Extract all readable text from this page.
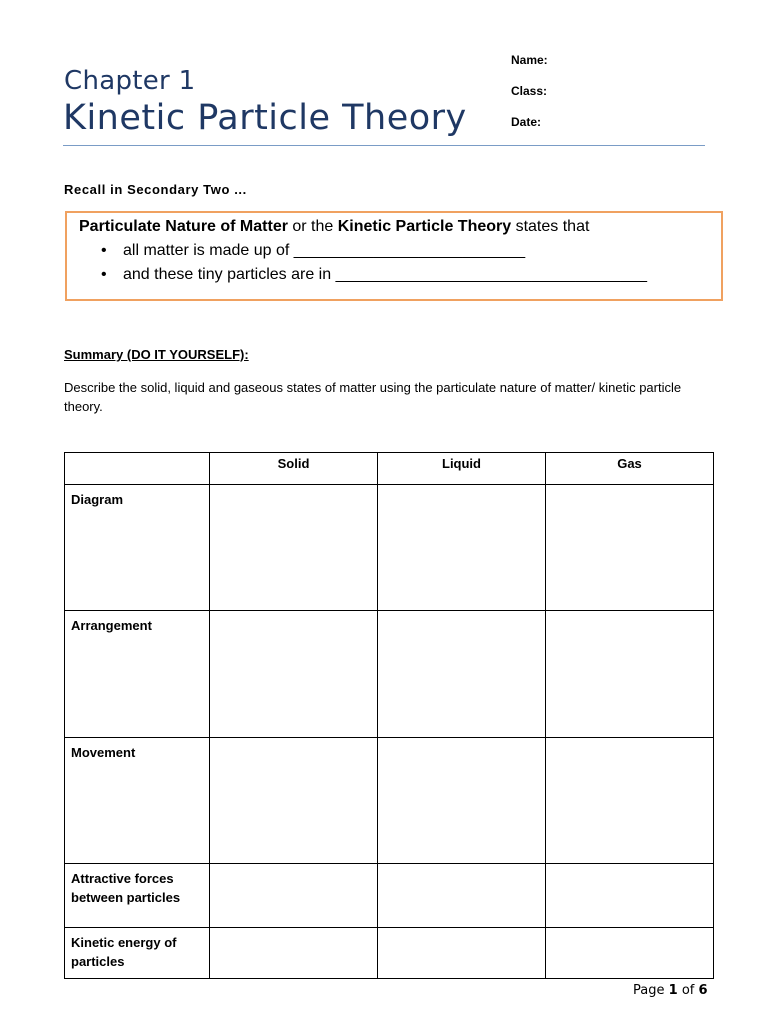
Chapter 1
Kinetic Particle Theory
Name:
Class:
Date:
Recall in Secondary Two ...
Particulate Nature of Matter or the Kinetic Particle Theory states that
• all matter is made up of __________________________
• and these tiny particles are in ___________________________________
Summary (DO IT YOURSELF):
Describe the solid, liquid and gaseous states of matter using the particulate nature of matter/ kinetic particle theory.

	Solid	Liquid	Gas

Diagram			

Arrangement			

Movement			

Attractive forces between particles			

Kinetic energy of particles			

Page 1 of 6
